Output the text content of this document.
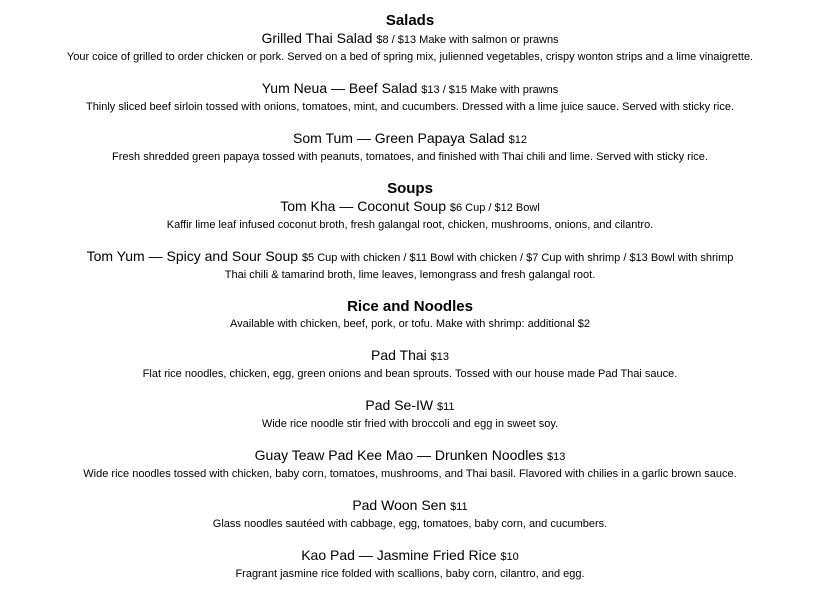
Salads

Grilled Thai Salad $8 / $13 Make with salmon or prawns

Your coice of grilled to order chicken or pork. Served on a bed of spring mix, julienned vegetables, crispy wonton strips and a lime vinaigrette.

Yum Neua — Beef Salad $13 / $15 Make with prawns

Thinly sliced beef sirloin tossed with onions, tomatoes, mint, and cucumbers. Dressed with a lime juice sauce. Served with sticky rice.

Som Tum — Green Papaya Salad $12

Fresh shredded green papaya tossed with peanuts, tomatoes, and finished with Thai chili and lime. Served with sticky rice.

Soups

Tom Kha — Coconut Soup $6 Cup / $12 Bowl

Kaffir lime leaf infused coconut broth, fresh galangal root, chicken, mushrooms, onions, and cilantro.

Tom Yum — Spicy and Sour Soup $5 Cup with chicken / $11 Bowl with chicken / $7 Cup with shrimp / $13 Bowl with shrimp

Thai chili & tamarind broth, lime leaves, lemongrass and fresh galangal root.

Rice and Noodles

Available with chicken, beef, pork, or tofu. Make with shrimp: additional $2

Pad Thai $13

Flat rice noodles, chicken, egg, green onions and bean sprouts. Tossed with our house made Pad Thai sauce.

Pad Se-IW $11

Wide rice noodle stir fried with broccoli and egg in sweet soy.

Guay Teaw Pad Kee Mao — Drunken Noodles $13

Wide rice noodles tossed with chicken, baby corn, tomatoes, mushrooms, and Thai basil. Flavored with chilies in a garlic brown sauce.

Pad Woon Sen $11

Glass noodles sautéed with cabbage, egg, tomatoes, baby corn, and cucumbers.

Kao Pad — Jasmine Fried Rice $10

Fragrant jasmine rice folded with scallions, baby corn, cilantro, and egg.
